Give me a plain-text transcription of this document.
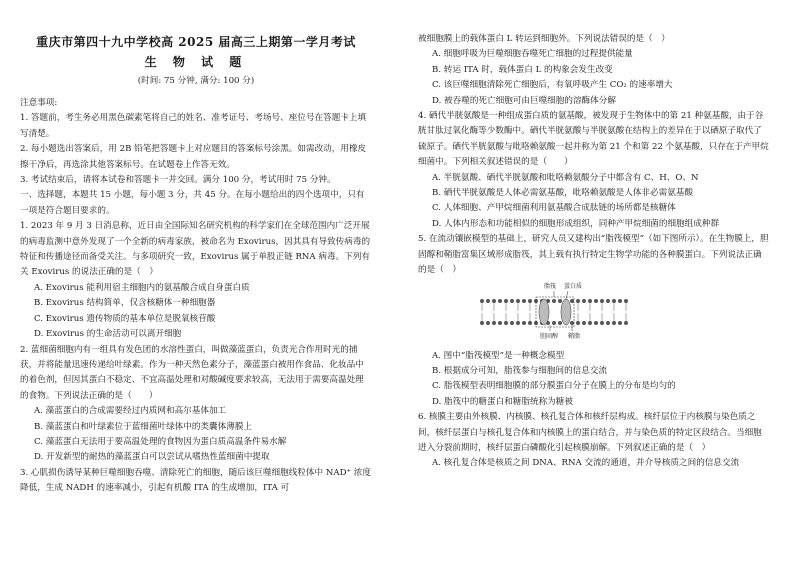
重庆市第四十九中学校高 2025 届高三上期第一学月考试
生 物 试 题
(时间: 75 分钟, 满分: 100 分)
注意事项:
1. 答题前，考生务必用黑色碳素笔将自己的姓名、准考证号、考场号、座位号在答题卡上填写清楚。
2. 每小题选出答案后，用 2B 铅笔把答题卡上对应题目的答案标号涂黑。如需改动，用橡皮擦干净后，再选涂其他答案标号。在试题卷上作答无效。
3. 考试结束后，请将本试卷和答题卡一并交回。满分 100 分，考试用时 75 分钟。
一、选择题，本题共 15 小题，每小题 3 分，共 45 分。在每小题给出的四个选项中，只有一项是符合题目要求的。
1. 2023 年 9 月 3 日消息称，近日由全国际知名研究机构的科学家们在全球范围内广泛开展的病毒监测中意外发现了一个全新的病毒家族，被命名为 Exovirus，因其具有导致传病毒的特征和传播途径而备受关注。与多项研究一致，Exovirus 属于单股正链 RNA 病毒。下列有关 Exovirus 的说法正确的是（　）
A. Exovirus 能利用宿主细胞内的氨基酸合成自身蛋白质
B. Exovirus 结构简单，仅含核糖体一种细胞器
C. Exovirus 遗传物质的基本单位是脱氧核苷酸
D. Exovirus 的生命活动可以离开细胞
2. 蓝细菌细胞内有一组具有发色团的水溶性蛋白，叫做藻蓝蛋白，负责光合作用时光的捕获，并将能量迅速传递给叶绿素。作为一种天然色素分子，藻蓝蛋白被用作食品、化妆品中的着色剂，但因其蛋白不稳定、不宜高温处理和对酸碱度要求较高，无法用于需要高温处理的食物。下列说法正确的是（　　）
A. 藻蓝蛋白的合成需要经过内质网和高尔基体加工
B. 藻蓝蛋白和叶绿素位于蓝细菌叶绿体中的类囊体薄膜上
C. 藻蓝蛋白无法用于要高温处理的食物因为蛋白质高温条件易水解
D. 开发新型的耐热的藻蓝蛋白可以尝试从嗜热性蓝细菌中提取
3. 心肌损伤诱导某种巨噬细胞吞噬、清除死亡的细胞，随后该巨噬细胞线粒体中 NAD⁺ 浓度降低，生成 NADH 的速率减小，引起有机酸 ITA 的生成增加，ITA 可
被细胞膜上的载体蛋白 L 转运到细胞外。下列说法错误的是（　）
A. 细胞呼吸为巨噬细胞吞噬死亡细胞的过程提供能量
B. 转运 ITA 时，载体蛋白 L 的构象会发生改变
C. 该巨噬细胞清除死亡细胞后，有氧呼吸产生 CO₂ 的速率增大
D. 被吞噬的死亡细胞可由巨噬细胞的溶酶体分解
4. 硒代半胱氨酸是一种组成蛋白质的氨基酸，被发现于生物体中的第 21 种氨基酸，由于谷胱甘肽过氧化酶等少数酶中。硒代半胱氨酸与半胱氨酸在结构上的差异在于以硒原子取代了硫原子。硒代半胱氨酸与吡咯赖氨酸一起并称为第 21 个和第 22 个氨基酸，只存在于产甲烷细菌中。下列相关叙述错误的是（　　）
A. 半胱氨酸、硒代半胱氨酸和吡咯赖氨酸分子中都含有 C、H、O、N
B. 硒代半胱氨酸是人体必需氨基酸，吡咯赖氨酸是人体非必需氨基酸
C. 人体细胞、产甲烷细菌利用氨基酸合成肽链的场所都是核糖体
D. 人体内形态和功能相似的细胞形成组织，同种产甲烷细菌的细胞组成种群
5. 在流动镶嵌模型的基础上，研究人员又建构出“脂筏模型”（如下图所示）。在生物膜上，胆固醇和鞘脂富集区域形成脂筏，其上载有执行特定生物学功能的各种膜蛋白。下列说法正确的是（　）
脂筏 蛋白质
胆固醇 鞘脂
A. 图中“脂筏模型”是一种概念模型
B. 根据成分可知，脂筏参与细胞间的信息交流
C. 脂筏模型表明细胞膜的部分膜蛋白分子在膜上的分布是均匀的
D. 脂筏中的糖蛋白和糖脂统称为糖被
6. 核膜主要由外核膜、内核膜、核孔复合体和核纤层构成。核纤层位于内核膜与染色质之间，核纤层蛋白与核孔复合体和内核膜上的蛋白结合，并与染色质的特定区段结合。当细胞进入分裂前期时，核纤层蛋白磷酸化引起核膜崩解。下列叙述正确的是（　）
A. 核孔复合体是核质之间 DNA、RNA 交流的通道，并介导核质之间的信息交流
